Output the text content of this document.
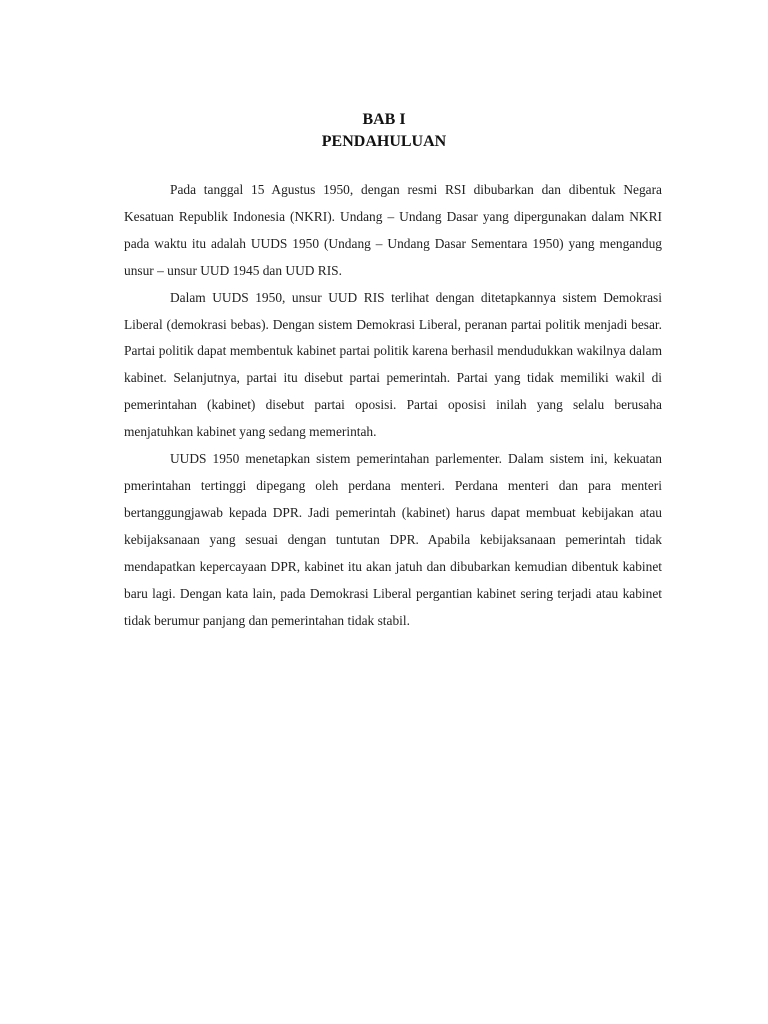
BAB I
PENDAHULUAN

Pada tanggal 15 Agustus 1950, dengan resmi RSI dibubarkan dan dibentuk Negara Kesatuan Republik Indonesia (NKRI). Undang – Undang Dasar yang dipergunakan dalam NKRI pada waktu itu adalah UUDS 1950 (Undang – Undang Dasar Sementara 1950) yang mengandug unsur – unsur UUD 1945 dan UUD RIS.

Dalam UUDS 1950, unsur UUD RIS terlihat dengan ditetapkannya sistem Demokrasi Liberal (demokrasi bebas). Dengan sistem Demokrasi Liberal, peranan partai politik menjadi besar. Partai politik dapat membentuk kabinet partai politik karena berhasil mendudukkan wakilnya dalam kabinet. Selanjutnya, partai itu disebut partai pemerintah. Partai yang tidak memiliki wakil di pemerintahan (kabinet) disebut partai oposisi. Partai oposisi inilah yang selalu berusaha menjatuhkan kabinet yang sedang memerintah.

UUDS 1950 menetapkan sistem pemerintahan parlementer. Dalam sistem ini, kekuatan pmerintahan tertinggi dipegang oleh perdana menteri. Perdana menteri dan para menteri bertanggungjawab kepada DPR. Jadi pemerintah (kabinet) harus dapat membuat kebijakan atau kebijaksanaan yang sesuai dengan tuntutan DPR. Apabila kebijaksanaan pemerintah tidak mendapatkan kepercayaan DPR, kabinet itu akan jatuh dan dibubarkan kemudian dibentuk kabinet baru lagi. Dengan kata lain, pada Demokrasi Liberal pergantian kabinet sering terjadi atau kabinet tidak berumur panjang dan pemerintahan tidak stabil.
